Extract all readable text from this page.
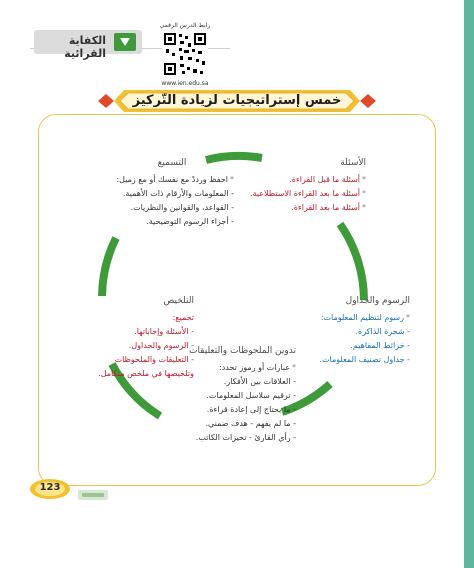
الكفاية القرائية
رابط الدرس الرقمي
www.ien.edu.sa
خمس إستراتيجيات لزيادة التّركيز
الأسئلة
*أسئلة ما قبل القراءة.
*أسئلة ما بعد القراءة الاستطلاعية.
*أسئلة ما بعد القراءة.
التسميع
*احفظ ورددْ مع نفسك أو مع زميل:
- المعلومات والأرقام ذات الأهمية.
- القواعد، والقوانين والنظريات.
- أجزاء الرسوم التوضيحية.
الرسوم والجداول
*رسوم لتنظيم المعلومات:
- شجرة الذاكرة.
- خرائط المفاهيم.
- جداول تصنيف المعلومات.
التلخيص
تجميع:
- الأسئلة وإجاباتها.
- الرسوم والجداول.
- التعليقات والملحوظات
وتلخيصها في ملخص متكامل.
تدوين الملحوظات والتعليقات
*عبارات أو رموز تحدد:
- العلاقات بين الأفكار.
- ترقيم سلاسل المعلومات.
- ما يحتاج إلى إعادة قراءة.
- ما لم يفهم - هدف ضمني.
- رأي القارئ - تحيزات الكاتب.
123
